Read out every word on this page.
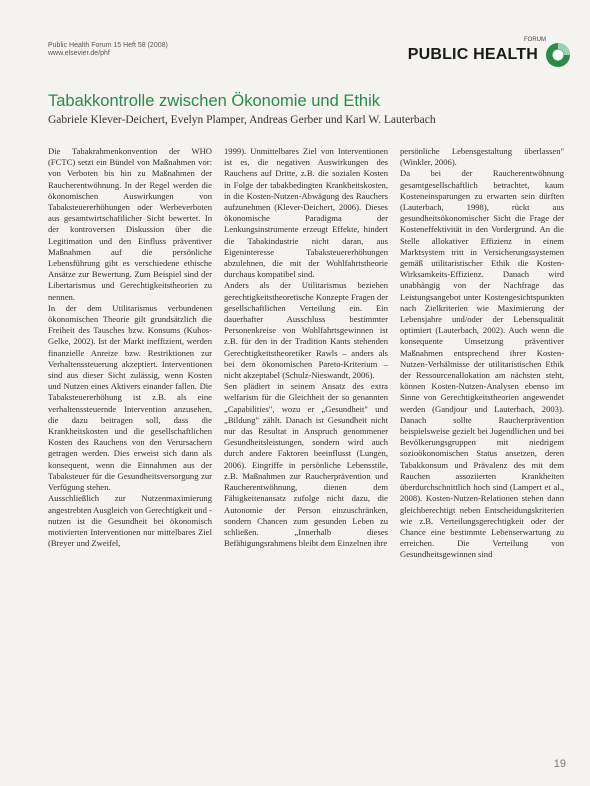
Public Health Forum 15 Heft 58 (2008)
www.elsevier.de/phf
FORUM
PUBLIC HEALTH
Tabakkontrolle zwischen Ökonomie und Ethik
Gabriele Klever-Deichert, Evelyn Plamper, Andreas Gerber und Karl W. Lauterbach

Die Tabakrahmenkonvention der WHO (FCTC) setzt ein Bündel von Maßnahmen vor: von Verboten bis hin zu Maßnahmen der Raucherentwöhnung. In der Regel werden die ökonomischen Auswirkungen von Tabaksteuererhöhungen oder Werbeverboten aus gesamtwirtschaftlicher Sicht bewertet. In der kontroversen Diskussion über die Legitimation und den Einfluss präventiver Maßnahmen auf die persönliche Lebensführung gibt es verschiedene ethische Ansätze zur Bewertung. Zum Beispiel sind der Libertarismus und Gerechtigkeitstheorien zu nennen.

In der dem Utilitarismus verbundenen ökonomischen Theorie gilt grundsätzlich die Freiheit des Tausches bzw. Konsums (Kuhos-Gelke, 2002). Ist der Markt ineffizient, werden finanzielle Anreize bzw. Restriktionen zur Verhaltenssteuerung akzeptiert. Interventionen sind aus dieser Sicht zulässig, wenn Kosten und Nutzen eines Aktivers einander fallen. Die Tabaksteuererhöhung ist z.B. als eine verhaltenssteuernde Intervention anzusehen, die dazu beitragen soll, dass die Krankheitskosten und die gesellschaftlichen Kosten des Rauchens von den Verursachern getragen werden. Dies erweist sich dann als konsequent, wenn die Einnahmen aus der Tabaksteuer für die Gesundheitsversorgung zur Verfügung stehen.

Ausschließlich zur Nutzenmaximierung angestrebten Ausgleich von Gerechtigkeit und -nutzen ist die Gesundheit bei ökonomisch motivierten Interventionen nur mittelbares Ziel (Breyer und Zweifel,

1999). Unmittelbares Ziel von Interventionen ist es, die negativen Auswirkungen des Rauchens auf Dritte, z.B. die sozialen Kosten in Folge der tabakbedingten Krankheitskosten, in die Kosten-Nutzen-Abwägung des Rauchers aufzunehmen (Klever-Deichert, 2006). Dieses ökonomische Paradigma der Lenkungsinstrumente erzeugt Effekte, hindert die Tabakindustrie nicht daran, aus Eigeninteresse Tabaksteuererhöhungen abzulehnen, die mit der Wohlfahrtstheorie durchaus kompatibel sind.

Anders als der Utilitarismus beziehen gerechtigkeitstheoretische Konzepte Fragen der gesellschaftlichen Verteilung ein. Ein dauerhafter Ausschluss bestimmter Personenkreise von Wohlfahrtsgewinnen ist z.B. für den in der Tradition Kants stehenden Gerechtigkeitstheoretiker Rawls – anders als bei dem ökonomischen Pareto-Kriterium – nicht akzeptabel (Schulz-Nieswandt, 2006).

Sen plädiert in seinem Ansatz des extra welfarism für die Gleichheit der so genannten „Capabilities", wozu er „Gesundheit" und „Bildung" zählt. Danach ist Gesundheit nicht nur das Resultat in Anspruch genommener Gesundheitsleistungen, sondern wird auch durch andere Faktoren beeinflusst (Lungen, 2006). Eingriffe in persönliche Lebensstile, z.B. Maßnahmen zur Raucherprävention und Raucherentwöhnung, dienen dem Fähigkeitenansatz zufolge nicht dazu, die Autonomie der Person einzuschränken, sondern Chancen zum gesunden Leben zu schließen. „Innerhalb dieses Befähigungsrahmens bleibt dem Einzelnen ihre

persönliche Lebensgestaltung überlassen" (Winkler, 2006).

Da bei der Raucherentwöhnung gesamtgesellschaftlich betrachtet, kaum Kosteneinsparungen zu erwarten sein dürften (Lauterbach, 1998), rückt aus gesundheitsökonomischer Sicht die Frage der Kosteneffektivität in den Vordergrund. An die Stelle allokativer Effizienz in einem Marktsystem tritt in Versicherungssystemen gemäß utilitaristischer Ethik die Kosten-Wirksamkeits-Effizienz. Danach wird unabhängig von der Nachfrage das Leistungsangebot unter Kostengesichtspunkten nach Zielkriterien wie Maximierung der Lebensjahre und/oder der Lebensqualität optimiert (Lauterbach, 2002). Auch wenn die konsequente Umsetzung präventiver Maßnahmen entsprechend ihrer Kosten-Nutzen-Verhältnisse der utilitaristischen Ethik der Ressourcenallokation am nächsten steht, können Kosten-Nutzen-Analysen ebenso im Sinne von Gerechtigkeitstheorien angewendet werden (Gandjour und Lauterbach, 2003). Danach sollte Raucherprävention beispielsweise gezielt bei Jugendlichen und bei Bevölkerungsgruppen mit niedrigem sozioökonomischen Status ansetzen, deren Tabakkonsum und Prävalenz des mit dem Rauchen assoziierten Krankheiten überdurchschnittlich hoch sind (Lampert et al., 2008). Kosten-Nutzen-Relationen stehen dann gleichberechtigt neben Entscheidungskriterien wie z.B. Verteilungsgerechtigkeit oder der Chance eine bestimmte Lebenserwartung zu erreichen. Die Verteilung von Gesundheitsgewinnen sind

19
